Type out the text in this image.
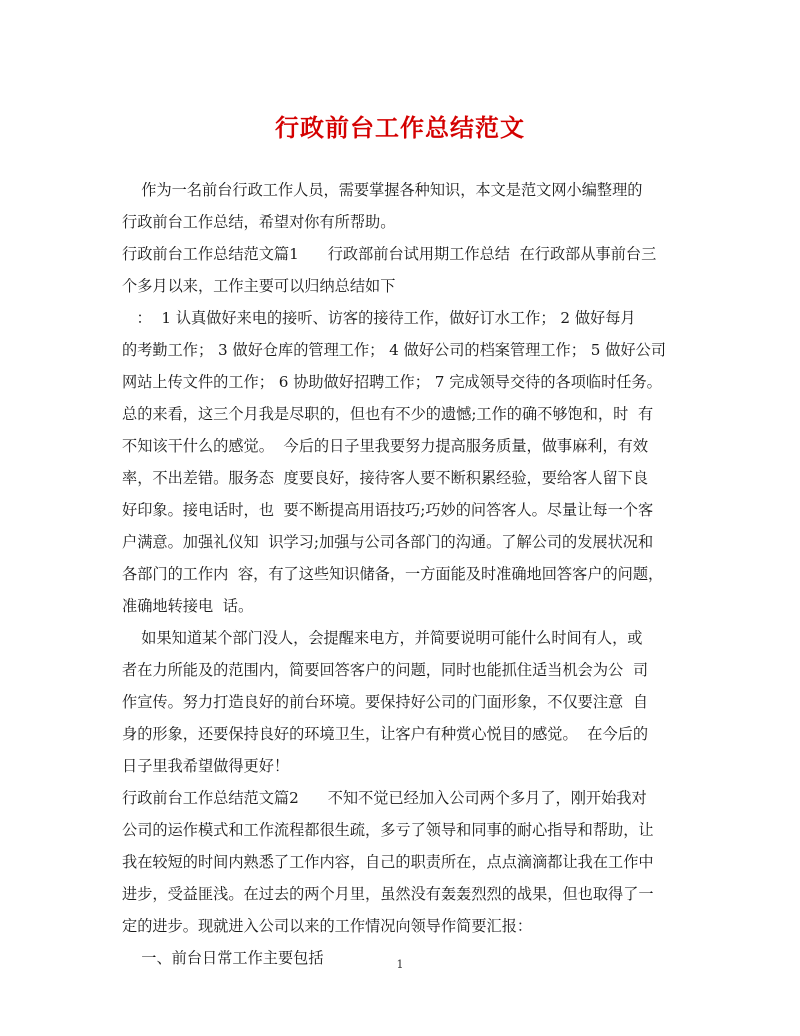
行政前台工作总结范文

作为一名前台行政工作人员，需要掌握各种知识，本文是范文网小编整理的

行政前台工作总结，希望对你有所帮助。

行政前台工作总结范文篇1      行政部前台试用期工作总结  在行政部从事前台三

个多月以来，工作主要可以归纳总结如下

：  1 认真做好来电的接听、访客的接待工作，做好订水工作； 2 做好每月

的考勤工作； 3 做好仓库的管理工作； 4 做好公司的档案管理工作； 5 做好公司

网站上传文件的工作； 6 协助做好招聘工作； 7 完成领导交待的各项临时任务。

总的来看，这三个月我是尽职的，但也有不少的遗憾;工作的确不够饱和，时  有

不知该干什么的感觉。  今后的日子里我要努力提高服务质量，做事麻利，有效

率，不出差错。服务态  度要良好，接待客人要不断积累经验，要给客人留下良

好印象。接电话时，也  要不断提高用语技巧;巧妙的问答客人。尽量让每一个客

户满意。加强礼仪知  识学习;加强与公司各部门的沟通。了解公司的发展状况和

各部门的工作内  容，有了这些知识储备，一方面能及时准确地回答客户的问题，

准确地转接电  话。

如果知道某个部门没人，会提醒来电方，并简要说明可能什么时间有人，或

者在力所能及的范围内，简要回答客户的问题，同时也能抓住适当机会为公  司

作宣传。努力打造良好的前台环境。要保持好公司的门面形象，不仅要注意  自

身的形象，还要保持良好的环境卫生，让客户有种赏心悦目的感觉。  在今后的

日子里我希望做得更好！

行政前台工作总结范文篇2      不知不觉已经加入公司两个多月了，刚开始我对

公司的运作模式和工作流程都很生疏，多亏了领导和同事的耐心指导和帮助，让

我在较短的时间内熟悉了工作内容，自己的职责所在，点点滴滴都让我在工作中

进步，受益匪浅。在过去的两个月里，虽然没有轰轰烈烈的战果，但也取得了一

定的进步。现就进入公司以来的工作情况向领导作简要汇报：

一、前台日常工作主要包括	1
